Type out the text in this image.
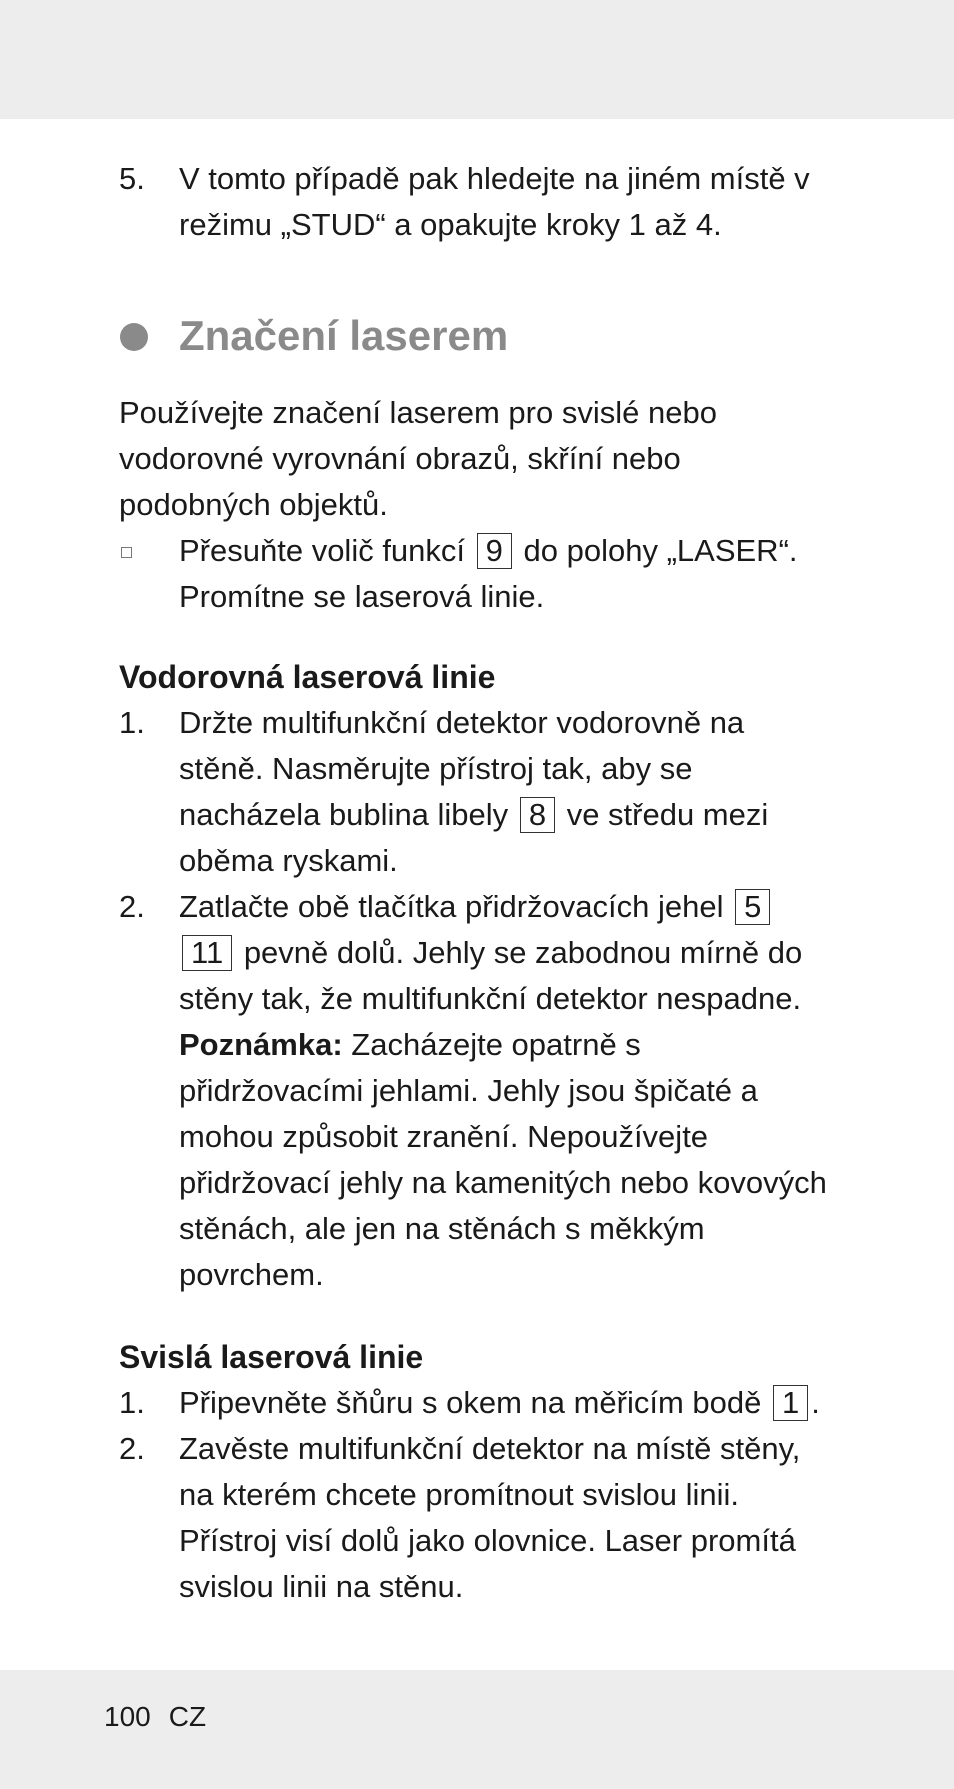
5. V tomto případě pak hledejte na jiném místě v režimu „STUD“ a opakujte kroky 1 až 4.
Značení laserem

Používejte značení laserem pro svislé nebo vodorovné vyrovnání obrazů, skříní nebo podobných objektů.

Přesuňte volič funkcí 9 do polohy „LASER“. Promítne se laserová linie.
Vodorovná laserová linie
1. Držte multifunkční detektor vodorovně na stěně. Nasměrujte přístroj tak, aby se nacházela bublina libely 8 ve středu mezi oběma ryskami.
2. Zatlačte obě tlačítka přidržovacích jehel 5 11 pevně dolů. Jehly se zabodnou mírně do stěny tak, že multifunkční detektor nespadne. Poznámka: Zacházejte opatrně s přidržovacími jehlami. Jehly jsou špičaté a mohou způsobit zranění. Nepoužívejte přidržovací jehly na kamenitých nebo kovových stěnách, ale jen na stěnách s měkkým povrchem.
Svislá laserová linie
1. Připevněte šňůru s okem na měřicím bodě 1 .
2. Zavěste multifunkční detektor na místě stěny, na kterém chcete promítnout svislou linii. Přístroj visí dolů jako olovnice. Laser promítá svislou linii na stěnu.
100 CZ
